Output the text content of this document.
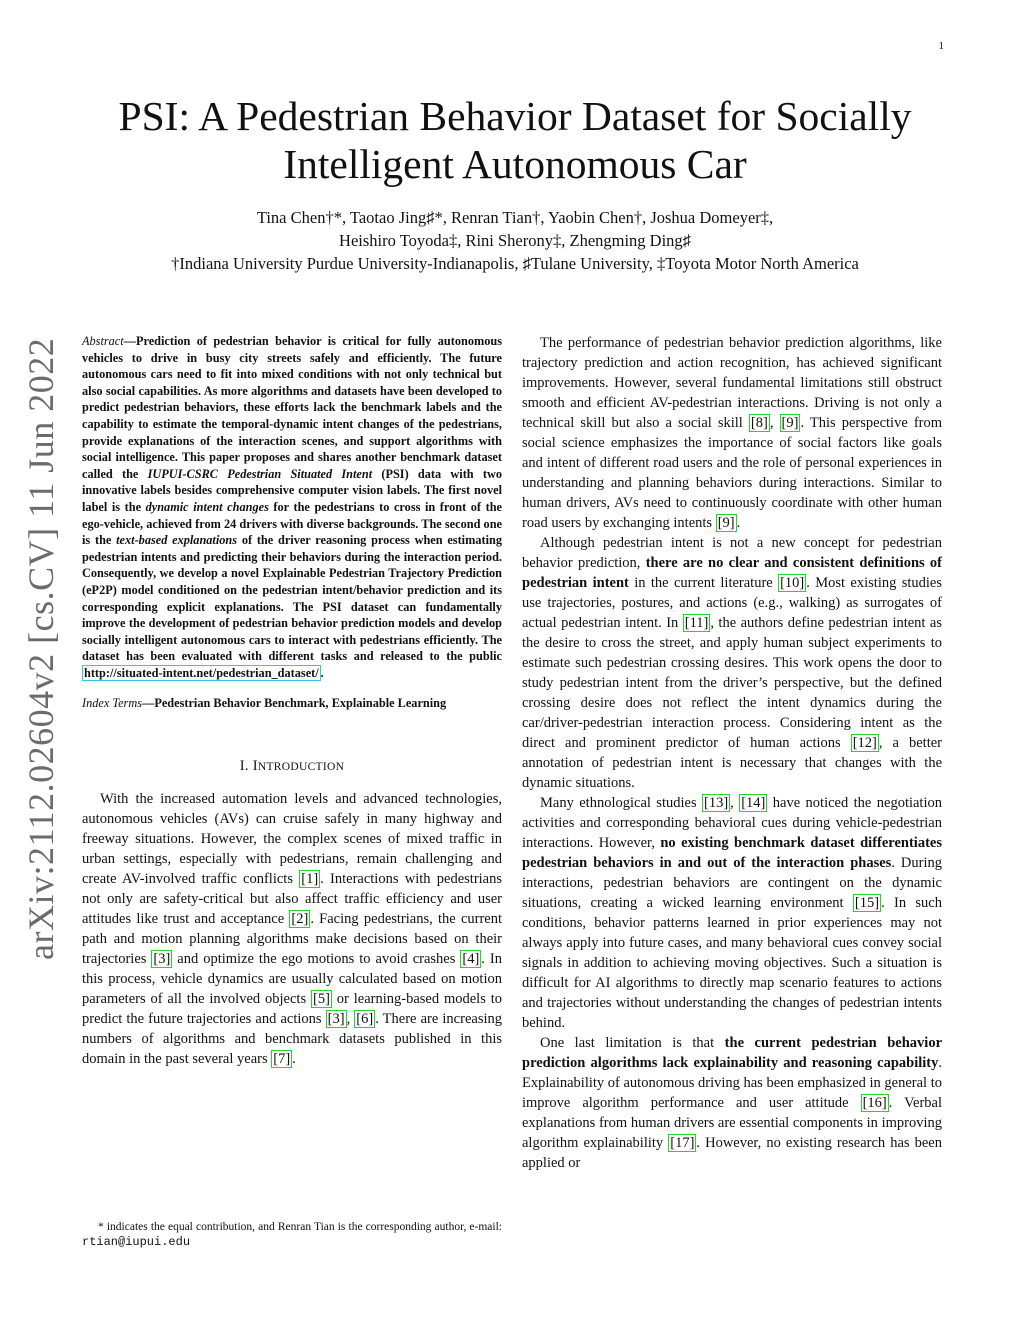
1
arXiv:2112.02604v2 [cs.CV] 11 Jun 2022
PSI: A Pedestrian Behavior Dataset for Socially Intelligent Autonomous Car
Tina Chen†*, Taotao Jing♯*, Renran Tian†, Yaobin Chen†, Joshua Domeyer‡,
Heishiro Toyoda‡, Rini Sherony‡, Zhengming Ding♯
†Indiana University Purdue University-Indianapolis, ♯Tulane University, ‡Toyota Motor North America

Abstract—Prediction of pedestrian behavior is critical for fully autonomous vehicles to drive in busy city streets safely and efficiently. The future autonomous cars need to fit into mixed conditions with not only technical but also social capabilities. As more algorithms and datasets have been developed to predict pedestrian behaviors, these efforts lack the benchmark labels and the capability to estimate the temporal-dynamic intent changes of the pedestrians, provide explanations of the interaction scenes, and support algorithms with social intelligence. This paper proposes and shares another benchmark dataset called the IUPUI-CSRC Pedestrian Situated Intent (PSI) data with two innovative labels besides comprehensive computer vision labels. The first novel label is the dynamic intent changes for the pedestrians to cross in front of the ego-vehicle, achieved from 24 drivers with diverse backgrounds. The second one is the text-based explanations of the driver reasoning process when estimating pedestrian intents and predicting their behaviors during the interaction period. Consequently, we develop a novel Explainable Pedestrian Trajectory Prediction (eP2P) model conditioned on the pedestrian intent/behavior prediction and its corresponding explicit explanations. The PSI dataset can fundamentally improve the development of pedestrian behavior prediction models and develop socially intelligent autonomous cars to interact with pedestrians efficiently. The dataset has been evaluated with different tasks and released to the public http://situated-intent.net/pedestrian_dataset/ .

Index Terms—Pedestrian Behavior Benchmark, Explainable Learning

I. INTRODUCTION

With the increased automation levels and advanced technologies, autonomous vehicles (AVs) can cruise safely in many highway and freeway situations. However, the complex scenes of mixed traffic in urban settings, especially with pedestrians, remain challenging and create AV-involved traffic conflicts [1] . Interactions with pedestrians not only are safety-critical but also affect traffic efficiency and user attitudes like trust and acceptance [2] . Facing pedestrians, the current path and motion planning algorithms make decisions based on their trajectories [3] and optimize the ego motions to avoid crashes [4] . In this process, vehicle dynamics are usually calculated based on motion parameters of all the involved objects [5] or learning-based models to predict the future trajectories and actions [3] , [6] . There are increasing numbers of algorithms and benchmark datasets published in this domain in the past several years [7] .

* indicates the equal contribution, and Renran Tian is the corresponding author, e-mail: rtian@iupui.edu

The performance of pedestrian behavior prediction algorithms, like trajectory prediction and action recognition, has achieved significant improvements. However, several fundamental limitations still obstruct smooth and efficient AV-pedestrian interactions. Driving is not only a technical skill but also a social skill [8] , [9] . This perspective from social science emphasizes the importance of social factors like goals and intent of different road users and the role of personal experiences in understanding and planning behaviors during interactions. Similar to human drivers, AVs need to continuously coordinate with other human road users by exchanging intents [9] .

Although pedestrian intent is not a new concept for pedestrian behavior prediction, there are no clear and consistent definitions of pedestrian intent in the current literature [10] . Most existing studies use trajectories, postures, and actions (e.g., walking) as surrogates of actual pedestrian intent. In [11] , the authors define pedestrian intent as the desire to cross the street, and apply human subject experiments to estimate such pedestrian crossing desires. This work opens the door to study pedestrian intent from the driver’s perspective, but the defined crossing desire does not reflect the intent dynamics during the car/driver-pedestrian interaction process. Considering intent as the direct and prominent predictor of human actions [12] , a better annotation of pedestrian intent is necessary that changes with the dynamic situations.

Many ethnological studies [13] , [14] have noticed the negotiation activities and corresponding behavioral cues during vehicle-pedestrian interactions. However, no existing benchmark dataset differentiates pedestrian behaviors in and out of the interaction phases. During interactions, pedestrian behaviors are contingent on the dynamic situations, creating a wicked learning environment [15] . In such conditions, behavior patterns learned in prior experiences may not always apply into future cases, and many behavioral cues convey social signals in addition to achieving moving objectives. Such a situation is difficult for AI algorithms to directly map scenario features to actions and trajectories without understanding the changes of pedestrian intents behind.

One last limitation is that the current pedestrian behavior prediction algorithms lack explainability and reasoning capability. Explainability of autonomous driving has been emphasized in general to improve algorithm performance and user attitude [16] . Verbal explanations from human drivers are essential components in improving algorithm explainability [17] . However, no existing research has been applied or
